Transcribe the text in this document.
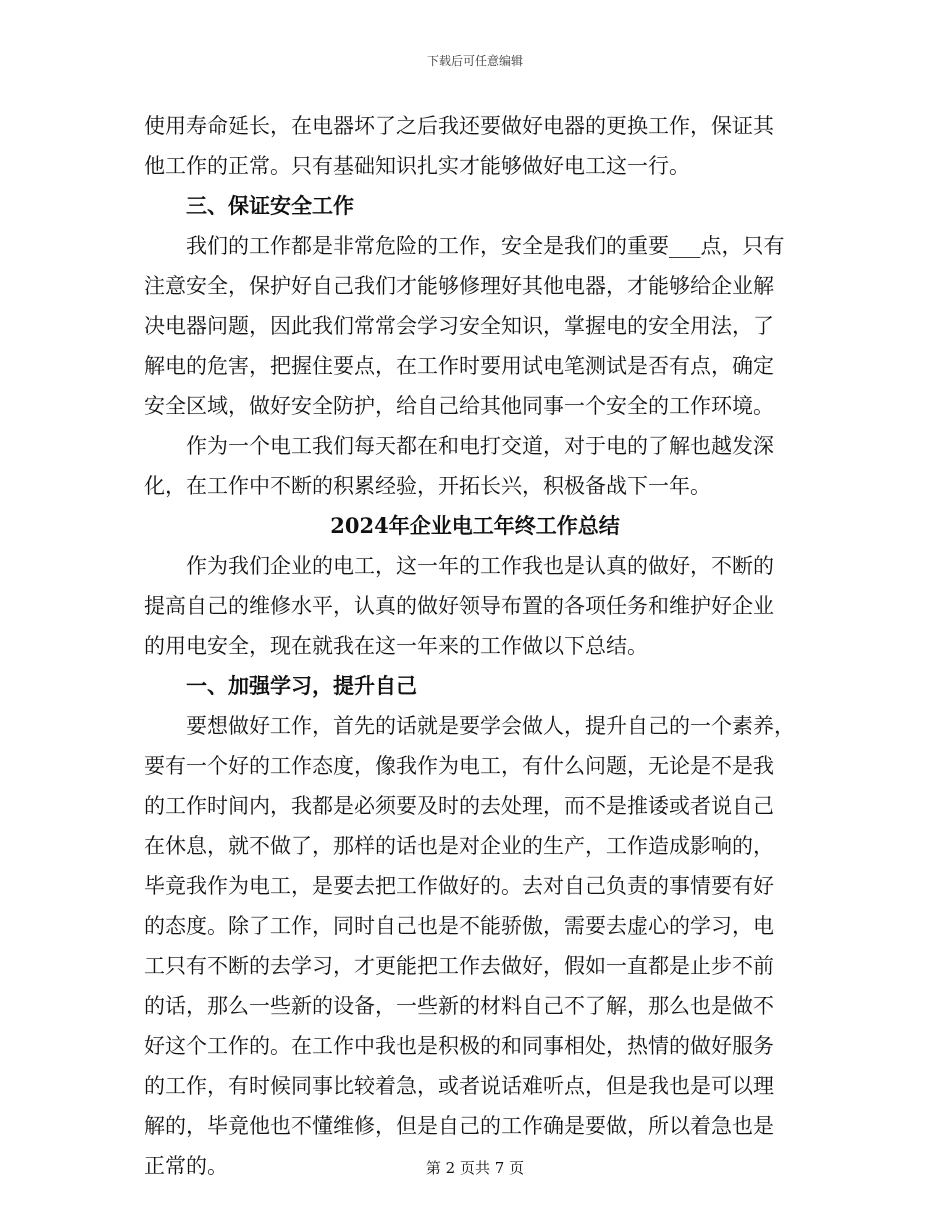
下载后可任意编辑
使用寿命延长，在电器坏了之后我还要做好电器的更换工作，保证其
他工作的正常。只有基础知识扎实才能够做好电工这一行。
三、保证安全工作
我们的工作都是非常危险的工作，安全是我们的重要___点，只有
注意安全，保护好自己我们才能够修理好其他电器，才能够给企业解
决电器问题，因此我们常常会学习安全知识，掌握电的安全用法，了
解电的危害，把握住要点，在工作时要用试电笔测试是否有点，确定
安全区域，做好安全防护，给自己给其他同事一个安全的工作环境。
作为一个电工我们每天都在和电打交道，对于电的了解也越发深
化，在工作中不断的积累经验，开拓长兴，积极备战下一年。
2024年企业电工年终工作总结
作为我们企业的电工，这一年的工作我也是认真的做好，不断的
提高自己的维修水平，认真的做好领导布置的各项任务和维护好企业
的用电安全，现在就我在这一年来的工作做以下总结。
一、加强学习，提升自己
要想做好工作，首先的话就是要学会做人，提升自己的一个素养，
要有一个好的工作态度，像我作为电工，有什么问题，无论是不是我
的工作时间内，我都是必须要及时的去处理，而不是推诿或者说自己
在休息，就不做了，那样的话也是对企业的生产，工作造成影响的，
毕竟我作为电工，是要去把工作做好的。去对自己负责的事情要有好
的态度。除了工作，同时自己也是不能骄傲，需要去虚心的学习，电
工只有不断的去学习，才更能把工作去做好，假如一直都是止步不前
的话，那么一些新的设备，一些新的材料自己不了解，那么也是做不
好这个工作的。在工作中我也是积极的和同事相处，热情的做好服务
的工作，有时候同事比较着急，或者说话难听点，但是我也是可以理
解的，毕竟他也不懂维修，但是自己的工作确是要做，所以着急也是
正常的。	第 2 页共 7 页
